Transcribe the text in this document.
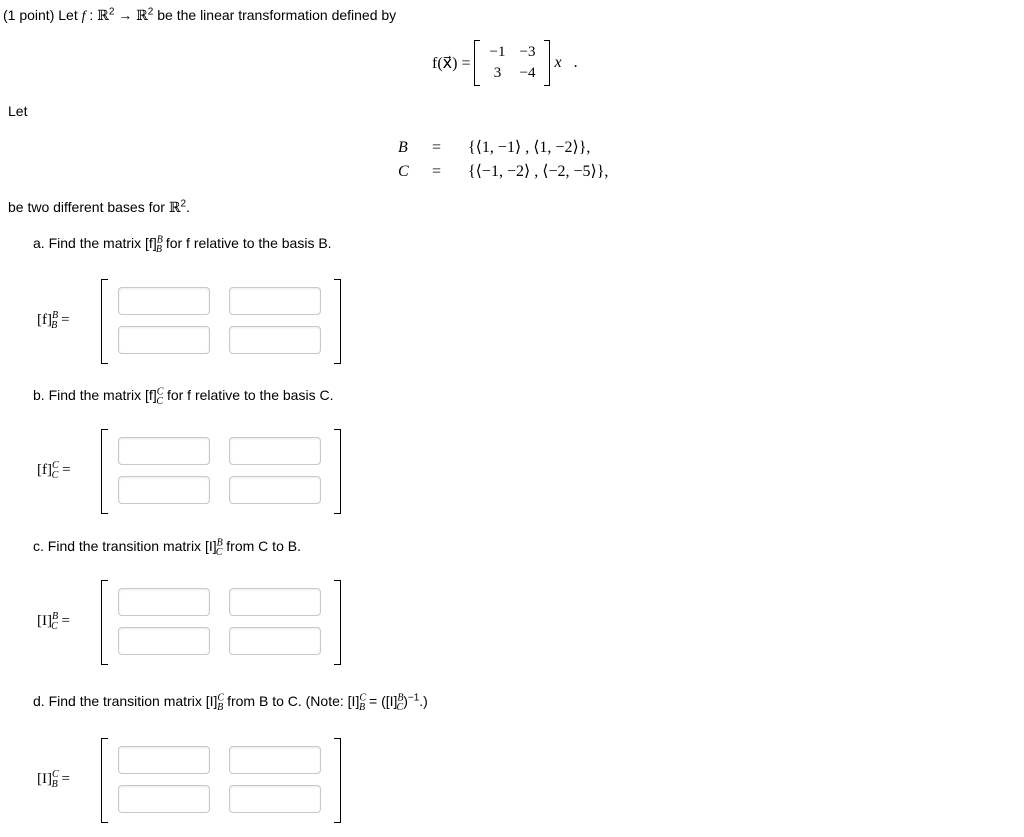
(1 point) Let f : ℝ$^2$ → ℝ$^2$ be the linear transformation defined by
f(x⃗) =
−1 −3
3	−4
x⃗.
Let
B = {⟨1, −1⟩ , ⟨1, −2⟩},
C = {⟨−1, −2⟩ , ⟨−2, −5⟩},
be two different bases for ℝ$^2$.
a. Find the matrix $[f]^B_B$ for f relative to the basis B.
$[f]^B_B$ =
b. Find the matrix $[f]^C_C$ for f relative to the basis C.
$[f]^C_C$ =
c. Find the transition matrix $[I]^B_C$ from C to B.
$[I]^B_C$ =
d. Find the transition matrix $[I]^C_B$ from B to C. (Note: $[I]^C_B = ([I]^B_C)^{-1}$.)
$[I]^C_B$ =
